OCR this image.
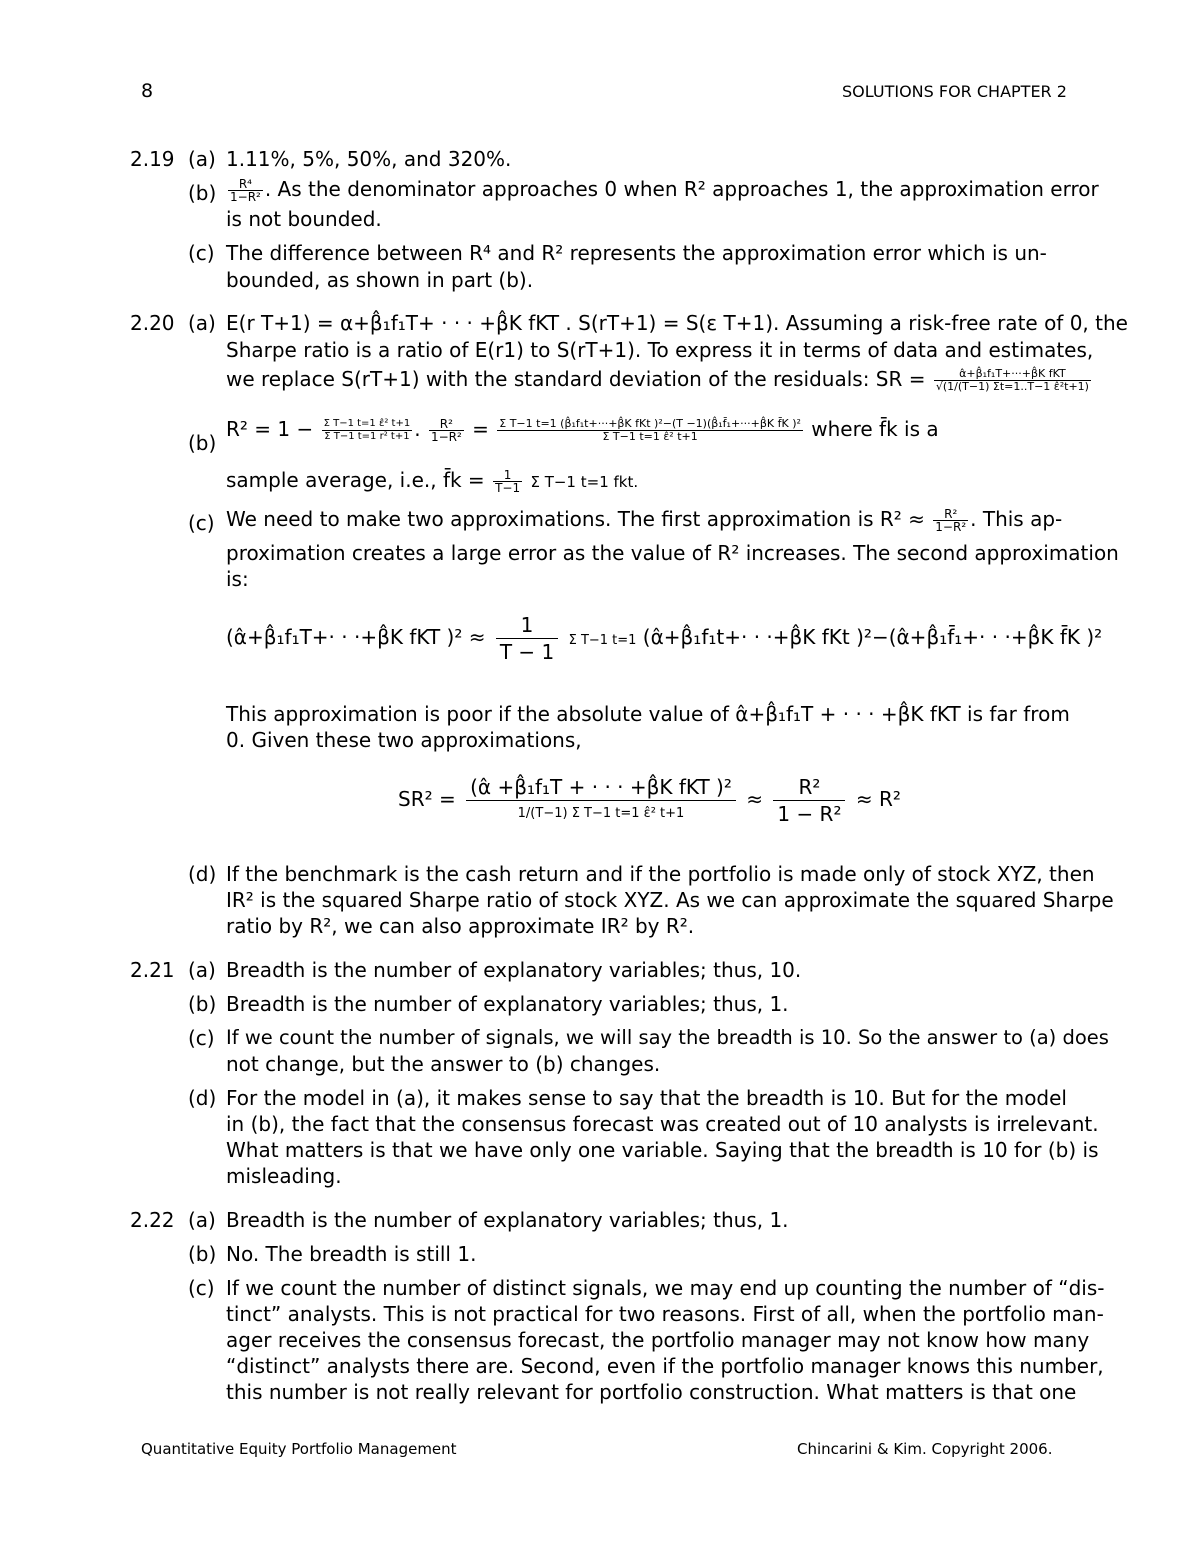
8	SOLUTIONS FOR CHAPTER 2
2.19 (a) 1.11%, 5%, 50%, and 320%.
$(b) \frac{\text{R⁴}}{\text{1−R²}}$ . As the denominator approaches 0 when R² approaches 1, the approximation error
is not bounded.
(c) The difference between R⁴ and R² represents the approximation error which is un-
bounded, as shown in part (b).
2.20 (a) E(r T+1) = α+β̂₁f₁T+ · · · +β̂K fKT . S(rT+1) = S(ε T+1). Assuming a risk-free rate of 0, the
Sharpe ratio is a ratio of E(r1) to S(rT+1). To express it in terms of data and estimates,
we replace S(rT+1) with the standard deviation of the residuals: SR = $\frac{\text{α̂+β̂₁f₁T+···+β̂K fKT}}{\text{√(1/(T−1) Σt=1..T−1 ε̂²t+1)}}$
(b)
$R^2 = 1 - \frac{\text{Σ T−1 t=1 ε̂² t+1}}{\text{Σ T−1 t=1 r² t+1}}$ . $\frac{\text{R²}}{\text{1−R²}} = \Sigma$ T−1 t=1 (β̂₁f₁t+···+β̂K fKt )²−(T −1)(β̂₁f̄₁+···+β̂K f̄K )²
Σ T−1 t=1 ε̂² t+1	where f̄k is a
sample average, i.e., f̄k = $\frac{1}{T-1}$ Σ T−1 t=1 fkt.
(c) We need to make two approximations. The first approximation is $R^2 \approx \frac{\text{R²}}{\text{1−R²}}$ . This ap-
proximation creates a large error as the value of R² increases. The second approximation
is:
(α̂+β̂₁f₁T+· · ·+β̂K fKT )$^2 \approx \frac{1}{T - 1}$ Σ T−1 t=1 (α̂+β̂₁f₁t+· · ·+β̂K fKt )²−(α̂+β̂₁f̄₁+· · ·+β̂K f̄K )²
This approximation is poor if the absolute value of α̂+β̂₁f₁T + · · · +β̂K fKT is far from
0. Given these two approximations,
SR² = (α̂ +β̂₁f₁T + · · · +β̂K fKT )²
1/(T−1) Σ T−1 t=1 ε̂² t+1
≈ $\frac{\text{R²}}{\text{1 − R²}} \approx R^2$
(d) If the benchmark is the cash return and if the portfolio is made only of stock XYZ, then
IR² is the squared Sharpe ratio of stock XYZ. As we can approximate the squared Sharpe
ratio by R², we can also approximate IR² by R².
2.21 (a) Breadth is the number of explanatory variables; thus, 10.
(b) Breadth is the number of explanatory variables; thus, 1.
(c) If we count the number of signals, we will say the breadth is 10. So the answer to (a) does
not change, but the answer to (b) changes.
(d) For the model in (a), it makes sense to say that the breadth is 10. But for the model
in (b), the fact that the consensus forecast was created out of 10 analysts is irrelevant.
What matters is that we have only one variable. Saying that the breadth is 10 for (b) is
misleading.
2.22 (a) Breadth is the number of explanatory variables; thus, 1.
(b) No. The breadth is still 1.
(c) If we count the number of distinct signals, we may end up counting the number of “dis-
tinct” analysts. This is not practical for two reasons. First of all, when the portfolio man-
ager receives the consensus forecast, the portfolio manager may not know how many
“distinct” analysts there are. Second, even if the portfolio manager knows this number,
this number is not really relevant for portfolio construction. What matters is that one
Quantitative Equity Portfolio Management	Chincarini & Kim. Copyright 2006.
